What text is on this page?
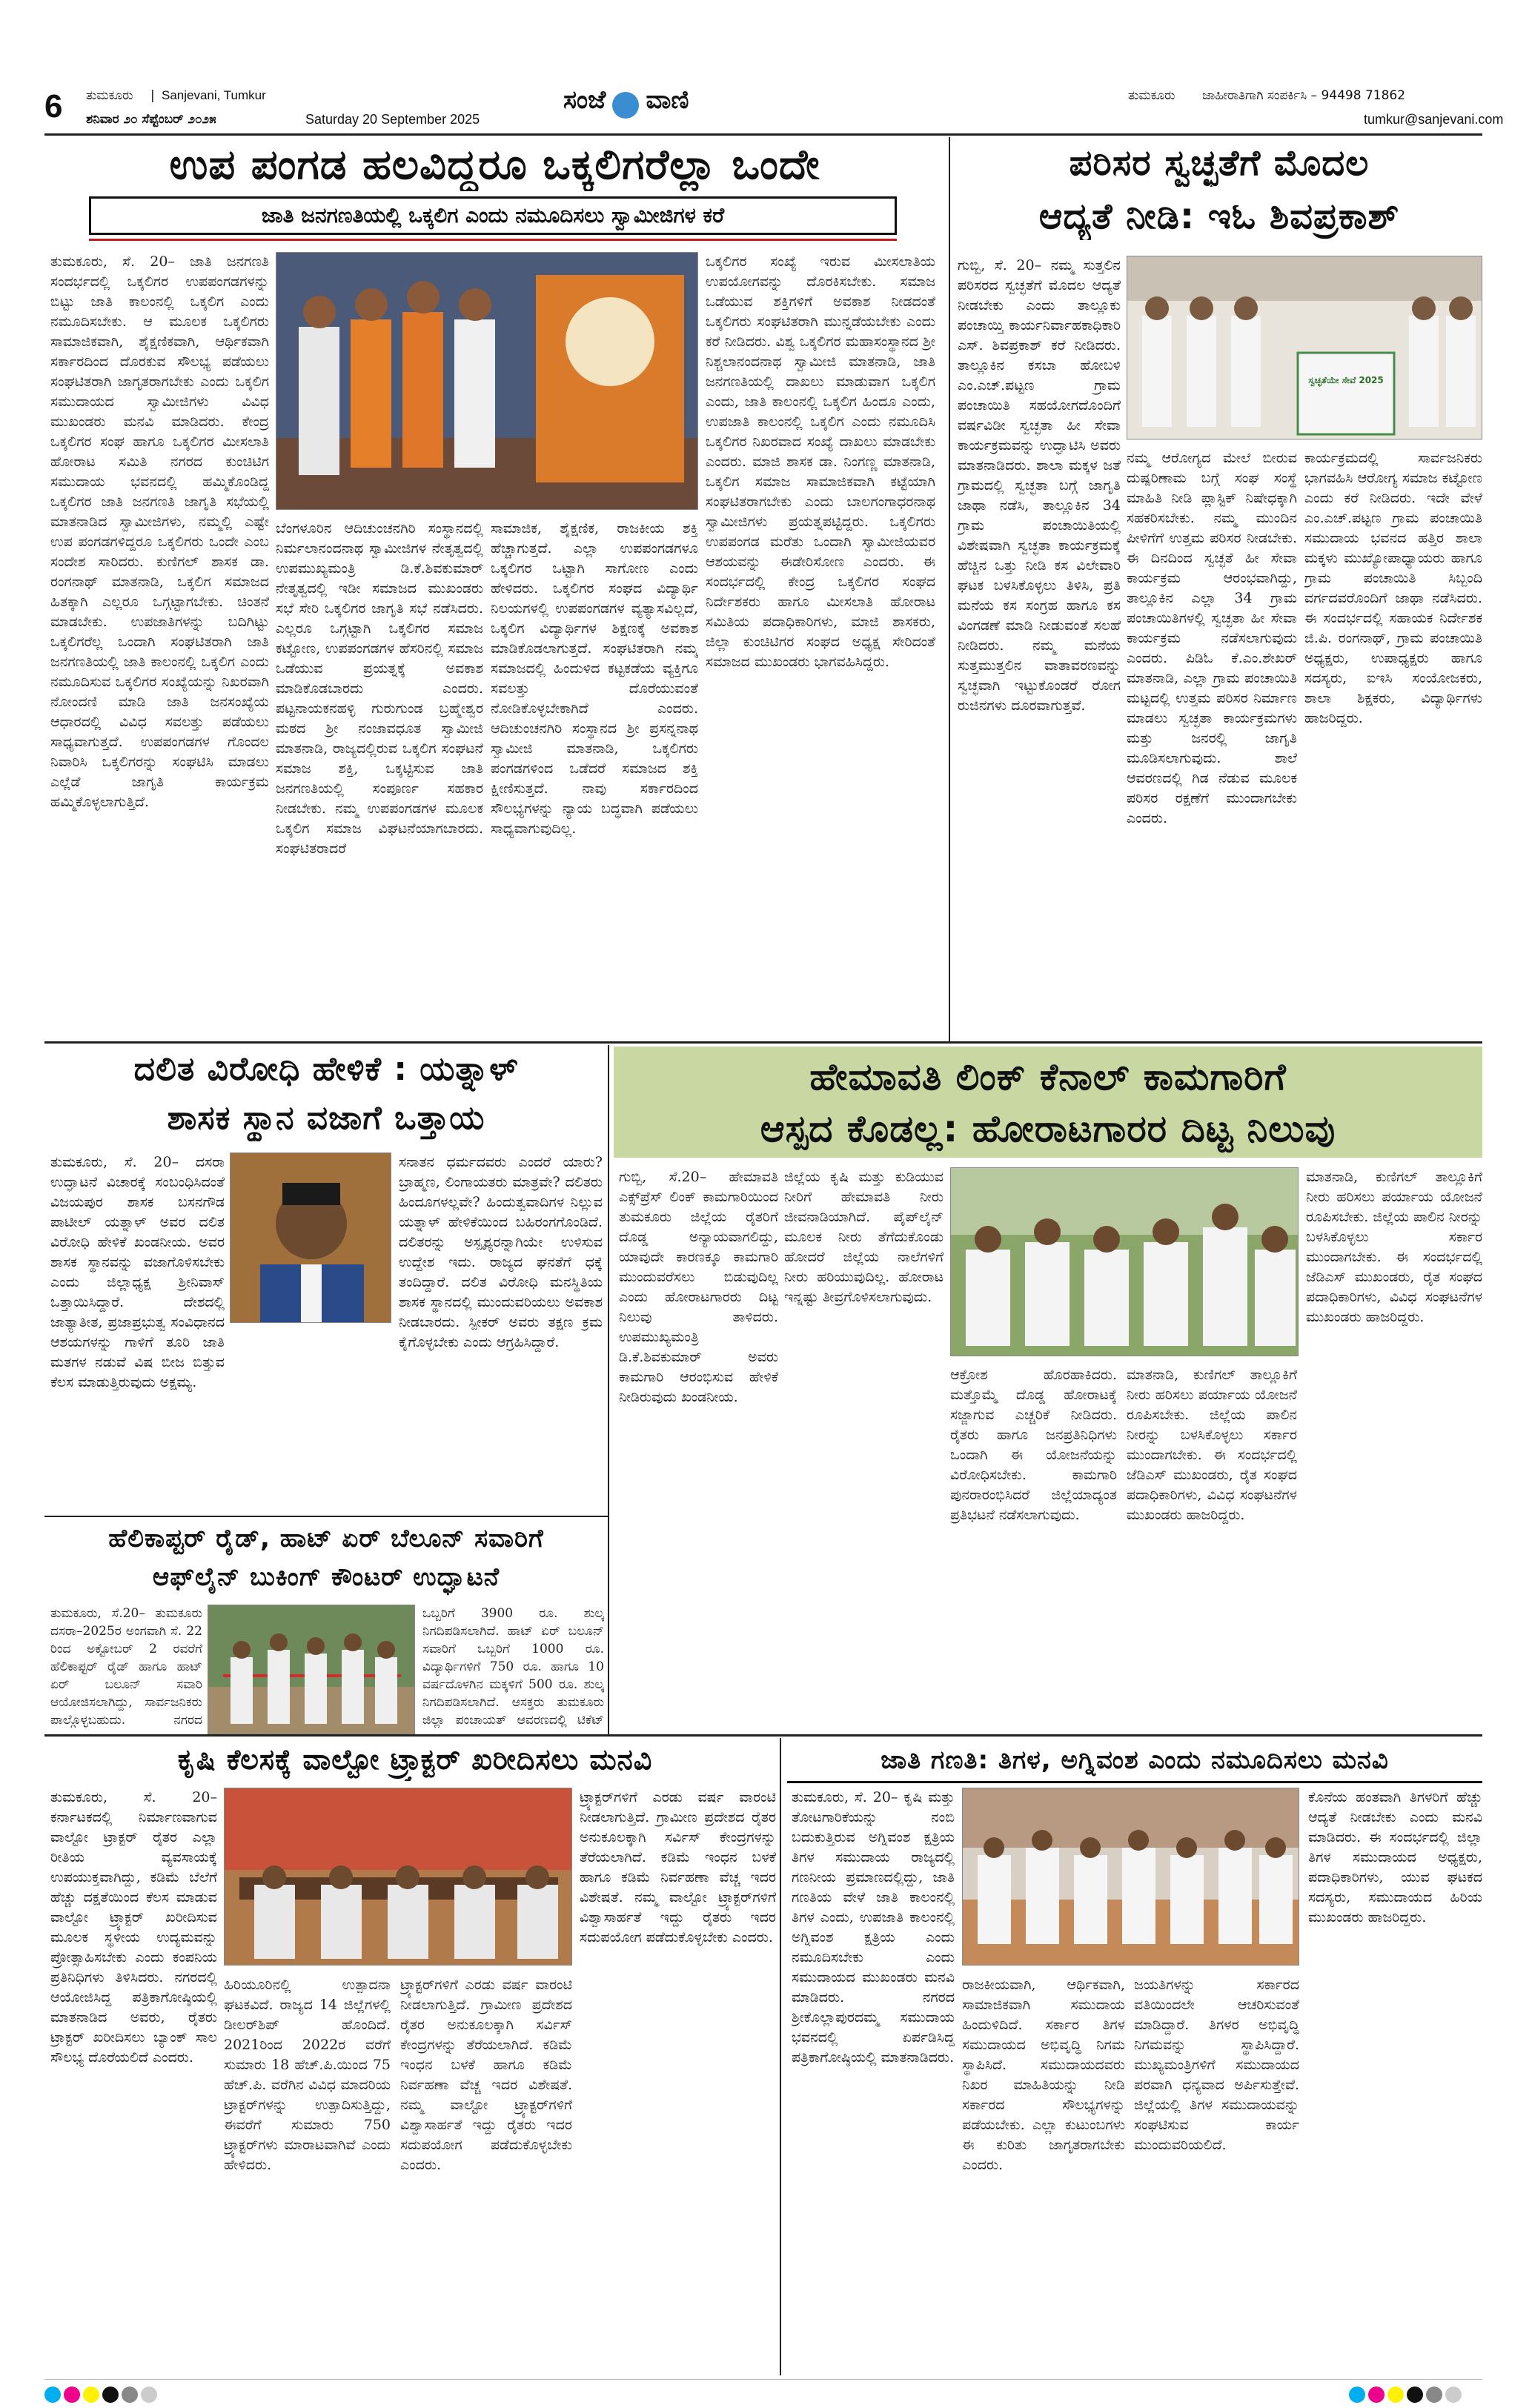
6 ತುಮಕೂರು | Sanjevani, Tumkur
ಶನಿವಾರ ೨೦ ಸೆಪ್ಟೆಂಬರ್ ೨೦೨೫	Saturday 20 September 2025
ಸಂಜೆ ವಾಣಿ	ತುಮಕೂರು ಜಾಹೀರಾತಿಗಾಗಿ ಸಂಪರ್ಕಿಸಿ – 94498 71862
tumkur@sanjevani.com
ಉಪ ಪಂಗಡ ಹಲವಿದ್ದರೂ ಒಕ್ಕಲಿಗರೆಲ್ಲಾ ಒಂದೇ
ಜಾತಿ ಜನಗಣತಿಯಲ್ಲಿ ಒಕ್ಕಲಿಗ ಎಂದು ನಮೂದಿಸಲು ಸ್ವಾಮೀಜಿಗಳ ಕರೆ
ತುಮಕೂರು, ಸೆ. 20– ಜಾತಿ ಜನಗಣತಿ ಸಂದರ್ಭದಲ್ಲಿ ಒಕ್ಕಲಿಗರ ಉಪಪಂಗಡಗಳನ್ನು ಬಿಟ್ಟು ಜಾತಿ ಕಾಲಂನಲ್ಲಿ ಒಕ್ಕಲಿಗ ಎಂದು ನಮೂದಿಸಬೇಕು. ಆ ಮೂಲಕ ಒಕ್ಕಲಿಗರು ಸಾಮಾಜಿಕವಾಗಿ, ಶೈಕ್ಷಣಿಕವಾಗಿ, ಆರ್ಥಿಕವಾಗಿ ಸರ್ಕಾರದಿಂದ ದೊರಕುವ ಸೌಲಭ್ಯ ಪಡೆಯಲು ಸಂಘಟಿತರಾಗಿ ಜಾಗೃತರಾಗಬೇಕು ಎಂದು ಒಕ್ಕಲಿಗ ಸಮುದಾಯದ ಸ್ವಾಮೀಜಿಗಳು ವಿವಿಧ ಮುಖಂಡರು ಮನವಿ ಮಾಡಿದರು. ಕೇಂದ್ರ ಒಕ್ಕಲಿಗರ ಸಂಘ ಹಾಗೂ ಒಕ್ಕಲಿಗರ ಮೀಸಲಾತಿ ಹೋರಾಟ ಸಮಿತಿ ನಗರದ ಕುಂಚಿಟಿಗ ಸಮುದಾಯ ಭವನದಲ್ಲಿ ಹಮ್ಮಿಕೊಂಡಿದ್ದ ಒಕ್ಕಲಿಗರ ಜಾತಿ ಜನಗಣತಿ ಜಾಗೃತಿ ಸಭೆಯಲ್ಲಿ ಮಾತನಾಡಿದ ಸ್ವಾಮೀಜಿಗಳು, ನಮ್ಮಲ್ಲಿ ಎಷ್ಟೇ ಉಪ ಪಂಗಡಗಳಿದ್ದರೂ ಒಕ್ಕಲಿಗರು ಒಂದೇ ಎಂಬ ಸಂದೇಶ ಸಾರಿದರು. ಕುಣಿಗಲ್ ಶಾಸಕ ಡಾ. ರಂಗನಾಥ್ ಮಾತನಾಡಿ, ಒಕ್ಕಲಿಗ ಸಮಾಜದ ಹಿತಕ್ಕಾಗಿ ಎಲ್ಲರೂ ಒಗ್ಗಟ್ಟಾಗಬೇಕು. ಚಿಂತನೆ ಮಾಡಬೇಕು. ಉಪಜಾತಿಗಳನ್ನು ಬದಿಗಿಟ್ಟು ಒಕ್ಕಲಿಗರೆಲ್ಲ ಒಂದಾಗಿ ಸಂಘಟಿತರಾಗಿ ಜಾತಿ ಜನಗಣತಿಯಲ್ಲಿ ಜಾತಿ ಕಾಲಂನಲ್ಲಿ ಒಕ್ಕಲಿಗ ಎಂದು ನಮೂದಿಸುವ ಒಕ್ಕಲಿಗರ ಸಂಖ್ಯೆಯನ್ನು ನಿಖರವಾಗಿ ನೋಂದಣಿ ಮಾಡಿ ಜಾತಿ ಜನಸಂಖ್ಯೆಯ ಆಧಾರದಲ್ಲಿ ವಿವಿಧ ಸವಲತ್ತು ಪಡೆಯಲು ಸಾಧ್ಯವಾಗುತ್ತದೆ. ಉಪಪಂಗಡಗಳ ಗೊಂದಲ ನಿವಾರಿಸಿ ಒಕ್ಕಲಿಗರನ್ನು ಸಂಘಟಿಸಿ ಮಾಡಲು ಎಲ್ಲೆಡೆ ಜಾಗೃತಿ ಕಾರ್ಯಕ್ರಮ ಹಮ್ಮಿಕೊಳ್ಳಲಾಗುತ್ತಿದೆ.
ಬೆಂಗಳೂರಿನ ಆದಿಚುಂಚನಗಿರಿ ಸಂಸ್ಥಾನದಲ್ಲಿ ನಿರ್ಮಲಾನಂದನಾಥ ಸ್ವಾಮೀಜಿಗಳ ನೇತೃತ್ವದಲ್ಲಿ ಉಪಮುಖ್ಯಮಂತ್ರಿ ಡಿ.ಕೆ.ಶಿವಕುಮಾರ್ ನೇತೃತ್ವದಲ್ಲಿ ಇಡೀ ಸಮಾಜದ ಮುಖಂಡರು ಸಭೆ ಸೇರಿ ಒಕ್ಕಲಿಗರ ಜಾಗೃತಿ ಸಭೆ ನಡೆಸಿದರು. ಎಲ್ಲರೂ ಒಗ್ಗಟ್ಟಾಗಿ ಒಕ್ಕಲಿಗರ ಸಮಾಜ ಕಟ್ಟೋಣ, ಉಪಪಂಗಡಗಳ ಹೆಸರಿನಲ್ಲಿ ಸಮಾಜ ಒಡೆಯುವ ಪ್ರಯತ್ನಕ್ಕೆ ಅವಕಾಶ ಮಾಡಿಕೊಡಬಾರದು ಎಂದರು. ಪಟ್ಟನಾಯಕನಹಳ್ಳಿ ಗುರುಗುಂಡ ಬ್ರಹ್ಮೇಶ್ವರ ಮಠದ ಶ್ರೀ ನಂಜಾವಧೂತ ಸ್ವಾಮೀಜಿ ಮಾತನಾಡಿ, ರಾಜ್ಯದಲ್ಲಿರುವ ಒಕ್ಕಲಿಗ ಸಂಘಟನೆ ಸಮಾಜ ಶಕ್ತಿ, ಒಕ್ಕಟ್ಟಿಸುವ ಜಾತಿ ಜನಗಣತಿಯಲ್ಲಿ ಸಂಪೂರ್ಣ ಸಹಕಾರ ನೀಡಬೇಕು. ನಮ್ಮ ಉಪಪಂಗಡಗಳ ಮೂಲಕ ಒಕ್ಕಲಿಗ ಸಮಾಜ ವಿಘಟನೆಯಾಗಬಾರದು. ಸಂಘಟಿತರಾದರೆ
ಸಾಮಾಜಿಕ, ಶೈಕ್ಷಣಿಕ, ರಾಜಕೀಯ ಶಕ್ತಿ ಹೆಚ್ಚಾಗುತ್ತದೆ. ಎಲ್ಲಾ ಉಪಪಂಗಡಗಳೂ ಒಕ್ಕಲಿಗರ ಒಟ್ಟಾಗಿ ಸಾಗೋಣ ಎಂದು ಹೇಳಿದರು. ಒಕ್ಕಲಿಗರ ಸಂಘದ ವಿದ್ಯಾರ್ಥಿ ನಿಲಯಗಳಲ್ಲಿ ಉಪಪಂಗಡಗಳ ವ್ಯತ್ಯಾಸವಿಲ್ಲದೆ, ಒಕ್ಕಲಿಗ ವಿದ್ಯಾರ್ಥಿಗಳ ಶಿಕ್ಷಣಕ್ಕೆ ಅವಕಾಶ ಮಾಡಿಕೊಡಲಾಗುತ್ತದೆ. ಸಂಘಟಿತರಾಗಿ ನಮ್ಮ ಸಮಾಜದಲ್ಲಿ ಹಿಂದುಳಿದ ಕಟ್ಟಕಡೆಯ ವ್ಯಕ್ತಿಗೂ ಸವಲತ್ತು ದೊರೆಯುವಂತೆ ನೋಡಿಕೊಳ್ಳಬೇಕಾಗಿದೆ ಎಂದರು. ಆದಿಚುಂಚನಗಿರಿ ಸಂಸ್ಥಾನದ ಶ್ರೀ ಪ್ರಸನ್ನನಾಥ ಸ್ವಾಮೀಜಿ ಮಾತನಾಡಿ, ಒಕ್ಕಲಿಗರು ಪಂಗಡಗಳಿಂದ ಒಡೆದರೆ ಸಮಾಜದ ಶಕ್ತಿ ಕ್ಷೀಣಿಸುತ್ತದೆ. ನಾವು ಸರ್ಕಾರದಿಂದ ಸೌಲಭ್ಯಗಳನ್ನು ನ್ಯಾಯ ಬದ್ಧವಾಗಿ ಪಡೆಯಲು ಸಾಧ್ಯವಾಗುವುದಿಲ್ಲ.
ಒಕ್ಕಲಿಗರ ಸಂಖ್ಯೆ ಇರುವ ಮೀಸಲಾತಿಯ ಉಪಯೋಗವನ್ನು ದೊರಕಿಸಬೇಕು. ಸಮಾಜ ಒಡೆಯುವ ಶಕ್ತಿಗಳಿಗೆ ಅವಕಾಶ ನೀಡದಂತೆ ಒಕ್ಕಲಿಗರು ಸಂಘಟಿತರಾಗಿ ಮುನ್ನಡೆಯಬೇಕು ಎಂದು ಕರೆ ನೀಡಿದರು. ವಿಶ್ವ ಒಕ್ಕಲಿಗರ ಮಹಾಸಂಸ್ಥಾನದ ಶ್ರೀ ನಿಶ್ಚಲಾನಂದನಾಥ ಸ್ವಾಮೀಜಿ ಮಾತನಾಡಿ, ಜಾತಿ ಜನಗಣತಿಯಲ್ಲಿ ದಾಖಲು ಮಾಡುವಾಗ ಒಕ್ಕಲಿಗ ಎಂದು, ಜಾತಿ ಕಾಲಂನಲ್ಲಿ ಒಕ್ಕಲಿಗ ಹಿಂದೂ ಎಂದು, ಉಪಜಾತಿ ಕಾಲಂನಲ್ಲಿ ಒಕ್ಕಲಿಗ ಎಂದು ನಮೂದಿಸಿ ಒಕ್ಕಲಿಗರ ನಿಖರವಾದ ಸಂಖ್ಯೆ ದಾಖಲು ಮಾಡಬೇಕು ಎಂದರು. ಮಾಜಿ ಶಾಸಕ ಡಾ. ನಿಂಗಣ್ಣ ಮಾತನಾಡಿ, ಒಕ್ಕಲಿಗ ಸಮಾಜ ಸಾಮಾಜಿಕವಾಗಿ ಕಟ್ಟೆಯಾಗಿ ಸಂಘಟಿತರಾಗಬೇಕು ಎಂದು ಬಾಲಗಂಗಾಧರನಾಥ ಸ್ವಾಮೀಜಿಗಳು ಪ್ರಯತ್ನಪಟ್ಟಿದ್ದರು. ಒಕ್ಕಲಿಗರು ಉಪಪಂಗಡ ಮರೆತು ಒಂದಾಗಿ ಸ್ವಾಮೀಜಿಯವರ ಆಶಯವನ್ನು ಈಡೇರಿಸೋಣ ಎಂದರು. ಈ ಸಂದರ್ಭದಲ್ಲಿ ಕೇಂದ್ರ ಒಕ್ಕಲಿಗರ ಸಂಘದ ನಿರ್ದೇಶಕರು ಹಾಗೂ ಮೀಸಲಾತಿ ಹೋರಾಟ ಸಮಿತಿಯ ಪದಾಧಿಕಾರಿಗಳು, ಮಾಜಿ ಶಾಸಕರು, ಜಿಲ್ಲಾ ಕುಂಚಿಟಿಗರ ಸಂಘದ ಅಧ್ಯಕ್ಷ ಸೇರಿದಂತೆ ಸಮಾಜದ ಮುಖಂಡರು ಭಾಗವಹಿಸಿದ್ದರು.
ಪರಿಸರ ಸ್ವಚ್ಛತೆಗೆ ಮೊದಲ
ಆದ್ಯತೆ ನೀಡಿ: ಇಓ ಶಿವಪ್ರಕಾಶ್
ಗುಬ್ಬಿ, ಸೆ. 20– ನಮ್ಮ ಸುತ್ತಲಿನ ಪರಿಸರದ ಸ್ವಚ್ಛತೆಗೆ ಮೊದಲ ಆದ್ಯತೆ ನೀಡಬೇಕು ಎಂದು ತಾಲ್ಲೂಕು ಪಂಚಾಯ್ತಿ ಕಾರ್ಯನಿರ್ವಾಹಕಾಧಿಕಾರಿ ಎಸ್. ಶಿವಪ್ರಕಾಶ್ ಕರೆ ನೀಡಿದರು. ತಾಲ್ಲೂಕಿನ ಕಸಬಾ ಹೋಬಳಿ ಎಂ.ಎಚ್.ಪಟ್ಟಣ ಗ್ರಾಮ ಪಂಚಾಯಿತಿ ಸಹಯೋಗದೊಂದಿಗೆ ವರ್ಷವಿಡೀ ಸ್ವಚ್ಛತಾ ಹೀ ಸೇವಾ ಕಾರ್ಯಕ್ರಮವನ್ನು ಉದ್ಘಾಟಿಸಿ ಅವರು ಮಾತನಾಡಿದರು. ಶಾಲಾ ಮಕ್ಕಳ ಜತೆ ಗ್ರಾಮದಲ್ಲಿ ಸ್ವಚ್ಛತಾ ಬಗ್ಗೆ ಜಾಗೃತಿ ಜಾಥಾ ನಡೆಸಿ, ತಾಲ್ಲೂಕಿನ 34 ಗ್ರಾಮ ಪಂಚಾಯಿತಿಯಲ್ಲಿ ವಿಶೇಷವಾಗಿ ಸ್ವಚ್ಛತಾ ಕಾರ್ಯಕ್ರಮಕ್ಕೆ ಹೆಚ್ಚಿನ ಒತ್ತು ನೀಡಿ ಕಸ ವಿಲೇವಾರಿ ಘಟಕ ಬಳಸಿಕೊಳ್ಳಲು ತಿಳಿಸಿ, ಪ್ರತಿ ಮನೆಯ ಕಸ ಸಂಗ್ರಹ ಹಾಗೂ ಕಸ ವಿಂಗಡಣೆ ಮಾಡಿ ನೀಡುವಂತೆ ಸಲಹೆ ನೀಡಿದರು. ನಮ್ಮ ಮನೆಯ ಸುತ್ತಮುತ್ತಲಿನ ವಾತಾವರಣವನ್ನು ಸ್ವಚ್ಛವಾಗಿ ಇಟ್ಟುಕೊಂಡರೆ ರೋಗ ರುಜಿನಗಳು ದೂರವಾಗುತ್ತವೆ.
ಸ್ವಚ್ಛತೆಯೇ ಸೇವೆ 2025
ನಮ್ಮ ಆರೋಗ್ಯದ ಮೇಲೆ ಬೀರುವ ದುಷ್ಪರಿಣಾಮ ಬಗ್ಗೆ ಸಂಘ ಸಂಸ್ಥೆ ಮಾಹಿತಿ ನೀಡಿ ಪ್ಲಾಸ್ಟಿಕ್ ನಿಷೇಧಕ್ಕಾಗಿ ಸಹಕರಿಸಬೇಕು. ನಮ್ಮ ಮುಂದಿನ ಪೀಳಿಗೆಗೆ ಉತ್ತಮ ಪರಿಸರ ನೀಡಬೇಕು. ಈ ದಿನದಿಂದ ಸ್ವಚ್ಛತೆ ಹೀ ಸೇವಾ ಕಾರ್ಯಕ್ರಮ ಆರಂಭವಾಗಿದ್ದು, ತಾಲ್ಲೂಕಿನ ಎಲ್ಲಾ 34 ಗ್ರಾಮ ಪಂಚಾಯಿತಿಗಳಲ್ಲಿ ಸ್ವಚ್ಛತಾ ಹೀ ಸೇವಾ ಕಾರ್ಯಕ್ರಮ ನಡೆಸಲಾಗುವುದು ಎಂದರು. ಪಿಡಿಓ ಕೆ.ಎಂ.ಶೇಖರ್ ಮಾತನಾಡಿ, ಎಲ್ಲಾ ಗ್ರಾಮ ಪಂಚಾಯಿತಿ ಮಟ್ಟದಲ್ಲಿ ಉತ್ತಮ ಪರಿಸರ ನಿರ್ಮಾಣ ಮಾಡಲು ಸ್ವಚ್ಛತಾ ಕಾರ್ಯಕ್ರಮಗಳು ಮತ್ತು ಜನರಲ್ಲಿ ಜಾಗೃತಿ ಮೂಡಿಸಲಾಗುವುದು. ಶಾಲೆ ಆವರಣದಲ್ಲಿ ಗಿಡ ನೆಡುವ ಮೂಲಕ ಪರಿಸರ ರಕ್ಷಣೆಗೆ ಮುಂದಾಗಬೇಕು ಎಂದರು.
ಕಾರ್ಯಕ್ರಮದಲ್ಲಿ ಸಾರ್ವಜನಿಕರು ಭಾಗವಹಿಸಿ ಆರೋಗ್ಯ ಸಮಾಜ ಕಟ್ಟೋಣ ಎಂದು ಕರೆ ನೀಡಿದರು. ಇದೇ ವೇಳೆ ಎಂ.ಎಚ್.ಪಟ್ಟಣ ಗ್ರಾಮ ಪಂಚಾಯಿತಿ ಸಮುದಾಯ ಭವನದ ಹತ್ತಿರ ಶಾಲಾ ಮಕ್ಕಳು ಮುಖ್ಯೋಪಾಧ್ಯಾಯರು ಹಾಗೂ ಗ್ರಾಮ ಪಂಚಾಯಿತಿ ಸಿಬ್ಬಂದಿ ವರ್ಗದವರೊಂದಿಗೆ ಜಾಥಾ ನಡೆಸಿದರು. ಈ ಸಂದರ್ಭದಲ್ಲಿ ಸಹಾಯಕ ನಿರ್ದೇಶಕ ಜಿ.ಪಿ. ರಂಗನಾಥ್, ಗ್ರಾಮ ಪಂಚಾಯಿತಿ ಅಧ್ಯಕ್ಷರು, ಉಪಾಧ್ಯಕ್ಷರು ಹಾಗೂ ಸದಸ್ಯರು, ಐಇಸಿ ಸಂಯೋಜಕರು, ಶಾಲಾ ಶಿಕ್ಷಕರು, ವಿದ್ಯಾರ್ಥಿಗಳು ಹಾಜರಿದ್ದರು.
ದಲಿತ ವಿರೋಧಿ ಹೇಳಿಕೆ : ಯತ್ನಾಳ್
ಶಾಸಕ ಸ್ಥಾನ ವಜಾಗೆ ಒತ್ತಾಯ
ತುಮಕೂರು, ಸೆ. 20– ದಸರಾ ಉದ್ಘಾಟನೆ ವಿಚಾರಕ್ಕೆ ಸಂಬಂಧಿಸಿದಂತೆ ವಿಜಯಪುರ ಶಾಸಕ ಬಸನಗೌಡ ಪಾಟೀಲ್ ಯತ್ನಾಳ್ ಅವರ ದಲಿತ ವಿರೋಧಿ ಹೇಳಿಕೆ ಖಂಡನೀಯ. ಅವರ ಶಾಸಕ ಸ್ಥಾನವನ್ನು ವಜಾಗೊಳಿಸಬೇಕು ಎಂದು ಜಿಲ್ಲಾಧ್ಯಕ್ಷ ಶ್ರೀನಿವಾಸ್ ಒತ್ತಾಯಿಸಿದ್ದಾರೆ. ದೇಶದಲ್ಲಿ ಜಾತ್ಯಾತೀತ, ಪ್ರಜಾಪ್ರಭುತ್ವ ಸಂವಿಧಾನದ ಆಶಯಗಳನ್ನು ಗಾಳಿಗೆ ತೂರಿ ಜಾತಿ ಮತಗಳ ನಡುವೆ ವಿಷ ಬೀಜ ಬಿತ್ತುವ ಕೆಲಸ ಮಾಡುತ್ತಿರುವುದು ಅಕ್ಷಮ್ಯ.
ಸನಾತನ ಧರ್ಮದವರು ಎಂದರೆ ಯಾರು? ಬ್ರಾಹ್ಮಣ, ಲಿಂಗಾಯತರು ಮಾತ್ರವೇ? ದಲಿತರು ಹಿಂದೂಗಳಲ್ಲವೇ? ಹಿಂದುತ್ವವಾದಿಗಳ ನಿಲ್ಲುವ ಯತ್ನಾಳ್ ಹೇಳಿಕೆಯಿಂದ ಬಹಿರಂಗಗೊಂಡಿದೆ. ದಲಿತರನ್ನು ಅಸ್ಪೃಶ್ಯರನ್ನಾಗಿಯೇ ಉಳಿಸುವ ಉದ್ದೇಶ ಇದು. ರಾಜ್ಯದ ಘನತೆಗೆ ಧಕ್ಕೆ ತಂದಿದ್ದಾರೆ. ದಲಿತ ವಿರೋಧಿ ಮನಸ್ಥಿತಿಯ ಶಾಸಕ ಸ್ಥಾನದಲ್ಲಿ ಮುಂದುವರಿಯಲು ಅವಕಾಶ ನೀಡಬಾರದು. ಸ್ಪೀಕರ್ ಅವರು ತಕ್ಷಣ ಕ್ರಮ ಕೈಗೊಳ್ಳಬೇಕು ಎಂದು ಆಗ್ರಹಿಸಿದ್ದಾರೆ.
ಹೇಮಾವತಿ ಲಿಂಕ್ ಕೆನಾಲ್ ಕಾಮಗಾರಿಗೆ
ಆಸ್ಪದ ಕೊಡಲ್ಲ: ಹೋರಾಟಗಾರರ ದಿಟ್ಟ ನಿಲುವು
ಗುಬ್ಬಿ, ಸೆ.20– ಹೇಮಾವತಿ ಎಕ್ಸ್‌ಪ್ರೆಸ್ ಲಿಂಕ್ ಕಾಮಗಾರಿಯಿಂದ ತುಮಕೂರು ಜಿಲ್ಲೆಯ ರೈತರಿಗೆ ದೊಡ್ಡ ಅನ್ಯಾಯವಾಗಲಿದ್ದು, ಯಾವುದೇ ಕಾರಣಕ್ಕೂ ಕಾಮಗಾರಿ ಮುಂದುವರೆಸಲು ಬಿಡುವುದಿಲ್ಲ ಎಂದು ಹೋರಾಟಗಾರರು ದಿಟ್ಟ ನಿಲುವು ತಾಳಿದರು. ಉಪಮುಖ್ಯಮಂತ್ರಿ ಡಿ.ಕೆ.ಶಿವಕುಮಾರ್ ಅವರು ಕಾಮಗಾರಿ ಆರಂಭಿಸುವ ಹೇಳಿಕೆ ನೀಡಿರುವುದು ಖಂಡನೀಯ.
ಜಿಲ್ಲೆಯ ಕೃಷಿ ಮತ್ತು ಕುಡಿಯುವ ನೀರಿಗೆ ಹೇಮಾವತಿ ನೀರು ಜೀವನಾಡಿಯಾಗಿದೆ. ಪೈಪ್‌ಲೈನ್ ಮೂಲಕ ನೀರು ತೆಗೆದುಕೊಂಡು ಹೋದರೆ ಜಿಲ್ಲೆಯ ನಾಲೆಗಳಿಗೆ ನೀರು ಹರಿಯುವುದಿಲ್ಲ. ಹೋರಾಟ ಇನ್ನಷ್ಟು ತೀವ್ರಗೊಳಿಸಲಾಗುವುದು.
ಆಕ್ರೋಶ ಹೊರಹಾಕಿದರು. ಮತ್ತೊಮ್ಮೆ ದೊಡ್ಡ ಹೋರಾಟಕ್ಕೆ ಸಜ್ಜಾಗುವ ಎಚ್ಚರಿಕೆ ನೀಡಿದರು. ರೈತರು ಹಾಗೂ ಜನಪ್ರತಿನಿಧಿಗಳು ಒಂದಾಗಿ ಈ ಯೋಜನೆಯನ್ನು ವಿರೋಧಿಸಬೇಕು. ಕಾಮಗಾರಿ ಪುನರಾರಂಭಿಸಿದರೆ ಜಿಲ್ಲೆಯಾದ್ಯಂತ ಪ್ರತಿಭಟನೆ ನಡೆಸಲಾಗುವುದು.
ಮಾತನಾಡಿ, ಕುಣಿಗಲ್ ತಾಲ್ಲೂಕಿಗೆ ನೀರು ಹರಿಸಲು ಪರ್ಯಾಯ ಯೋಜನೆ ರೂಪಿಸಬೇಕು. ಜಿಲ್ಲೆಯ ಪಾಲಿನ ನೀರನ್ನು ಬಳಸಿಕೊಳ್ಳಲು ಸರ್ಕಾರ ಮುಂದಾಗಬೇಕು. ಈ ಸಂದರ್ಭದಲ್ಲಿ ಜೆಡಿಎಸ್ ಮುಖಂಡರು, ರೈತ ಸಂಘದ ಪದಾಧಿಕಾರಿಗಳು, ವಿವಿಧ ಸಂಘಟನೆಗಳ ಮುಖಂಡರು ಹಾಜರಿದ್ದರು.
ಮಾತನಾಡಿ, ಕುಣಿಗಲ್ ತಾಲ್ಲೂಕಿಗೆ ನೀರು ಹರಿಸಲು ಪರ್ಯಾಯ ಯೋಜನೆ ರೂಪಿಸಬೇಕು. ಜಿಲ್ಲೆಯ ಪಾಲಿನ ನೀರನ್ನು ಬಳಸಿಕೊಳ್ಳಲು ಸರ್ಕಾರ ಮುಂದಾಗಬೇಕು. ಈ ಸಂದರ್ಭದಲ್ಲಿ ಜೆಡಿಎಸ್ ಮುಖಂಡರು, ರೈತ ಸಂಘದ ಪದಾಧಿಕಾರಿಗಳು, ವಿವಿಧ ಸಂಘಟನೆಗಳ ಮುಖಂಡರು ಹಾಜರಿದ್ದರು.
ಹೆಲಿಕಾಪ್ಟರ್ ರೈಡ್, ಹಾಟ್ ಏರ್ ಬೆಲೂನ್ ಸವಾರಿಗೆ
ಆಫ್‌ಲೈನ್ ಬುಕಿಂಗ್ ಕೌಂಟರ್ ಉದ್ಘಾಟನೆ
ತುಮಕೂರು, ಸೆ.20– ತುಮಕೂರು ದಸರಾ–2025ರ ಅಂಗವಾಗಿ ಸೆ. 22 ರಿಂದ ಅಕ್ಟೋಬರ್ 2 ರವರೆಗೆ ಹೆಲಿಕಾಪ್ಟರ್ ರೈಡ್ ಹಾಗೂ ಹಾಟ್ ಏರ್ ಬಲೂನ್ ಸವಾರಿ ಆಯೋಜಿಸಲಾಗಿದ್ದು, ಸಾರ್ವಜನಿಕರು ಪಾಲ್ಗೊಳ್ಳಬಹುದು. ನಗರದ
ಒಬ್ಬರಿಗೆ 3900 ರೂ. ಶುಲ್ಕ ನಿಗದಿಪಡಿಸಲಾಗಿದೆ. ಹಾಟ್ ಏರ್ ಬಲೂನ್ ಸವಾರಿಗೆ ಒಬ್ಬರಿಗೆ 1000 ರೂ. ವಿದ್ಯಾರ್ಥಿಗಳಿಗೆ 750 ರೂ. ಹಾಗೂ 10 ವರ್ಷದೊಳಗಿನ ಮಕ್ಕಳಿಗೆ 500 ರೂ. ಶುಲ್ಕ ನಿಗದಿಪಡಿಸಲಾಗಿದೆ. ಆಸಕ್ತರು ತುಮಕೂರು ಜಿಲ್ಲಾ ಪಂಚಾಯತ್ ಆವರಣದಲ್ಲಿ ಟಿಕೆಟ್
ಕೃಷಿ ಕೆಲಸಕ್ಕೆ ವಾಲ್ಟೋ ಟ್ರ್ಯಾಕ್ಟರ್ ಖರೀದಿಸಲು ಮನವಿ
ತುಮಕೂರು, ಸೆ. 20– ಕರ್ನಾಟಕದಲ್ಲಿ ನಿರ್ಮಾಣವಾಗುವ ವಾಲ್ಟೋ ಟ್ರಾಕ್ಟರ್ ರೈತರ ಎಲ್ಲಾ ರೀತಿಯ ವ್ಯವಸಾಯಕ್ಕೆ ಉಪಯುಕ್ತವಾಗಿದ್ದು, ಕಡಿಮೆ ಬೆಲೆಗೆ ಹೆಚ್ಚು ದಕ್ಷತೆಯಿಂದ ಕೆಲಸ ಮಾಡುವ ವಾಲ್ಟೋ ಟ್ರ್ಯಾಕ್ಟರ್ ಖರೀದಿಸುವ ಮೂಲಕ ಸ್ಥಳೀಯ ಉದ್ಯಮವನ್ನು ಪ್ರೋತ್ಸಾಹಿಸಬೇಕು ಎಂದು ಕಂಪನಿಯ ಪ್ರತಿನಿಧಿಗಳು ತಿಳಿಸಿದರು. ನಗರದಲ್ಲಿ ಆಯೋಜಿಸಿದ್ದ ಪತ್ರಿಕಾಗೋಷ್ಠಿಯಲ್ಲಿ ಮಾತನಾಡಿದ ಅವರು, ರೈತರು ಟ್ರಾಕ್ಟರ್ ಖರೀದಿಸಲು ಬ್ಯಾಂಕ್ ಸಾಲ ಸೌಲಭ್ಯ ದೊರೆಯಲಿದೆ ಎಂದರು.
ಹಿರಿಯೂರಿನಲ್ಲಿ ಉತ್ಪಾದನಾ ಘಟಕವಿದೆ. ರಾಜ್ಯದ 14 ಜಿಲ್ಲೆಗಳಲ್ಲಿ ಡೀಲರ್‌ಶಿಪ್ ಹೊಂದಿದೆ. 2021ರಿಂದ 2022ರ ವರೆಗೆ ಸುಮಾರು 18 ಹೆಚ್.ಪಿ.ಯಿಂದ 75 ಹೆಚ್.ಪಿ. ವರೆಗಿನ ವಿವಿಧ ಮಾದರಿಯ ಟ್ರಾಕ್ಟರ್‌ಗಳನ್ನು ಉತ್ಪಾದಿಸುತ್ತಿದ್ದು, ಈವರೆಗೆ ಸುಮಾರು 750 ಟ್ರ್ಯಾಕ್ಟರ್‌ಗಳು ಮಾರಾಟವಾಗಿವೆ ಎಂದು ಹೇಳಿದರು.
ಟ್ರ್ಯಾಕ್ಟರ್‌ಗಳಿಗೆ ಎರಡು ವರ್ಷ ವಾರಂಟಿ ನೀಡಲಾಗುತ್ತಿದೆ. ಗ್ರಾಮೀಣ ಪ್ರದೇಶದ ರೈತರ ಅನುಕೂಲಕ್ಕಾಗಿ ಸರ್ವಿಸ್ ಕೇಂದ್ರಗಳನ್ನು ತೆರೆಯಲಾಗಿದೆ. ಕಡಿಮೆ ಇಂಧನ ಬಳಕೆ ಹಾಗೂ ಕಡಿಮೆ ನಿರ್ವಹಣಾ ವೆಚ್ಚ ಇದರ ವಿಶೇಷತೆ. ನಮ್ಮ ವಾಲ್ಟೋ ಟ್ರ್ಯಾಕ್ಟರ್‌ಗಳಿಗೆ ವಿಶ್ವಾಸಾರ್ಹತೆ ಇದ್ದು ರೈತರು ಇದರ ಸದುಪಯೋಗ ಪಡೆದುಕೊಳ್ಳಬೇಕು ಎಂದರು.
ಟ್ರ್ಯಾಕ್ಟರ್‌ಗಳಿಗೆ ಎರಡು ವರ್ಷ ವಾರಂಟಿ ನೀಡಲಾಗುತ್ತಿದೆ. ಗ್ರಾಮೀಣ ಪ್ರದೇಶದ ರೈತರ ಅನುಕೂಲಕ್ಕಾಗಿ ಸರ್ವಿಸ್ ಕೇಂದ್ರಗಳನ್ನು ತೆರೆಯಲಾಗಿದೆ. ಕಡಿಮೆ ಇಂಧನ ಬಳಕೆ ಹಾಗೂ ಕಡಿಮೆ ನಿರ್ವಹಣಾ ವೆಚ್ಚ ಇದರ ವಿಶೇಷತೆ. ನಮ್ಮ ವಾಲ್ಟೋ ಟ್ರ್ಯಾಕ್ಟರ್‌ಗಳಿಗೆ ವಿಶ್ವಾಸಾರ್ಹತೆ ಇದ್ದು ರೈತರು ಇದರ ಸದುಪಯೋಗ ಪಡೆದುಕೊಳ್ಳಬೇಕು ಎಂದರು.
ಜಾತಿ ಗಣತಿ: ತಿಗಳ, ಅಗ್ನಿವಂಶ ಎಂದು ನಮೂದಿಸಲು ಮನವಿ
ತುಮಕೂರು, ಸೆ. 20– ಕೃಷಿ ಮತ್ತು ತೋಟಗಾರಿಕೆಯನ್ನು ನಂಬಿ ಬದುಕುತ್ತಿರುವ ಅಗ್ನಿವಂಶ ಕ್ಷತ್ರಿಯ ತಿಗಳ ಸಮುದಾಯ ರಾಜ್ಯದಲ್ಲಿ ಗಣನೀಯ ಪ್ರಮಾಣದಲ್ಲಿದ್ದು, ಜಾತಿ ಗಣತಿಯ ವೇಳೆ ಜಾತಿ ಕಾಲಂನಲ್ಲಿ ತಿಗಳ ಎಂದು, ಉಪಜಾತಿ ಕಾಲಂನಲ್ಲಿ ಅಗ್ನಿವಂಶ ಕ್ಷತ್ರಿಯ ಎಂದು ನಮೂದಿಸಬೇಕು ಎಂದು ಸಮುದಾಯದ ಮುಖಂಡರು ಮನವಿ ಮಾಡಿದರು. ನಗರದ ಶ್ರೀಕೊಲ್ಲಾಪುರದಮ್ಮ ಸಮುದಾಯ ಭವನದಲ್ಲಿ ಏರ್ಪಡಿಸಿದ್ದ ಪತ್ರಿಕಾಗೋಷ್ಠಿಯಲ್ಲಿ ಮಾತನಾಡಿದರು.
ರಾಜಕೀಯವಾಗಿ, ಆರ್ಥಿಕವಾಗಿ, ಸಾಮಾಜಿಕವಾಗಿ ಸಮುದಾಯ ಹಿಂದುಳಿದಿದೆ. ಸರ್ಕಾರ ತಿಗಳ ಸಮುದಾಯದ ಅಭಿವೃದ್ಧಿ ನಿಗಮ ಸ್ಥಾಪಿಸಿದೆ. ಸಮುದಾಯದವರು ನಿಖರ ಮಾಹಿತಿಯನ್ನು ನೀಡಿ ಸರ್ಕಾರದ ಸೌಲಭ್ಯಗಳನ್ನು ಪಡೆಯಬೇಕು. ಎಲ್ಲಾ ಕುಟುಂಬಗಳು ಈ ಕುರಿತು ಜಾಗೃತರಾಗಬೇಕು ಎಂದರು.
ಜಯತಿಗಳನ್ನು ಸರ್ಕಾರದ ವತಿಯಿಂದಲೇ ಆಚರಿಸುವಂತೆ ಮಾಡಿದ್ದಾರೆ. ತಿಗಳರ ಅಭಿವೃದ್ಧಿ ನಿಗಮವನ್ನು ಸ್ಥಾಪಿಸಿದ್ದಾರೆ. ಮುಖ್ಯಮಂತ್ರಿಗಳಿಗೆ ಸಮುದಾಯದ ಪರವಾಗಿ ಧನ್ಯವಾದ ಅರ್ಪಿಸುತ್ತೇವೆ. ಜಿಲ್ಲೆಯಲ್ಲಿ ತಿಗಳ ಸಮುದಾಯವನ್ನು ಸಂಘಟಿಸುವ ಕಾರ್ಯ ಮುಂದುವರಿಯಲಿದೆ.
ಕೊನೆಯ ಹಂತವಾಗಿ ತಿಗಳರಿಗೆ ಹೆಚ್ಚು ಆದ್ಯತೆ ನೀಡಬೇಕು ಎಂದು ಮನವಿ ಮಾಡಿದರು. ಈ ಸಂದರ್ಭದಲ್ಲಿ ಜಿಲ್ಲಾ ತಿಗಳ ಸಮುದಾಯದ ಅಧ್ಯಕ್ಷರು, ಪದಾಧಿಕಾರಿಗಳು, ಯುವ ಘಟಕದ ಸದಸ್ಯರು, ಸಮುದಾಯದ ಹಿರಿಯ ಮುಖಂಡರು ಹಾಜರಿದ್ದರು.
